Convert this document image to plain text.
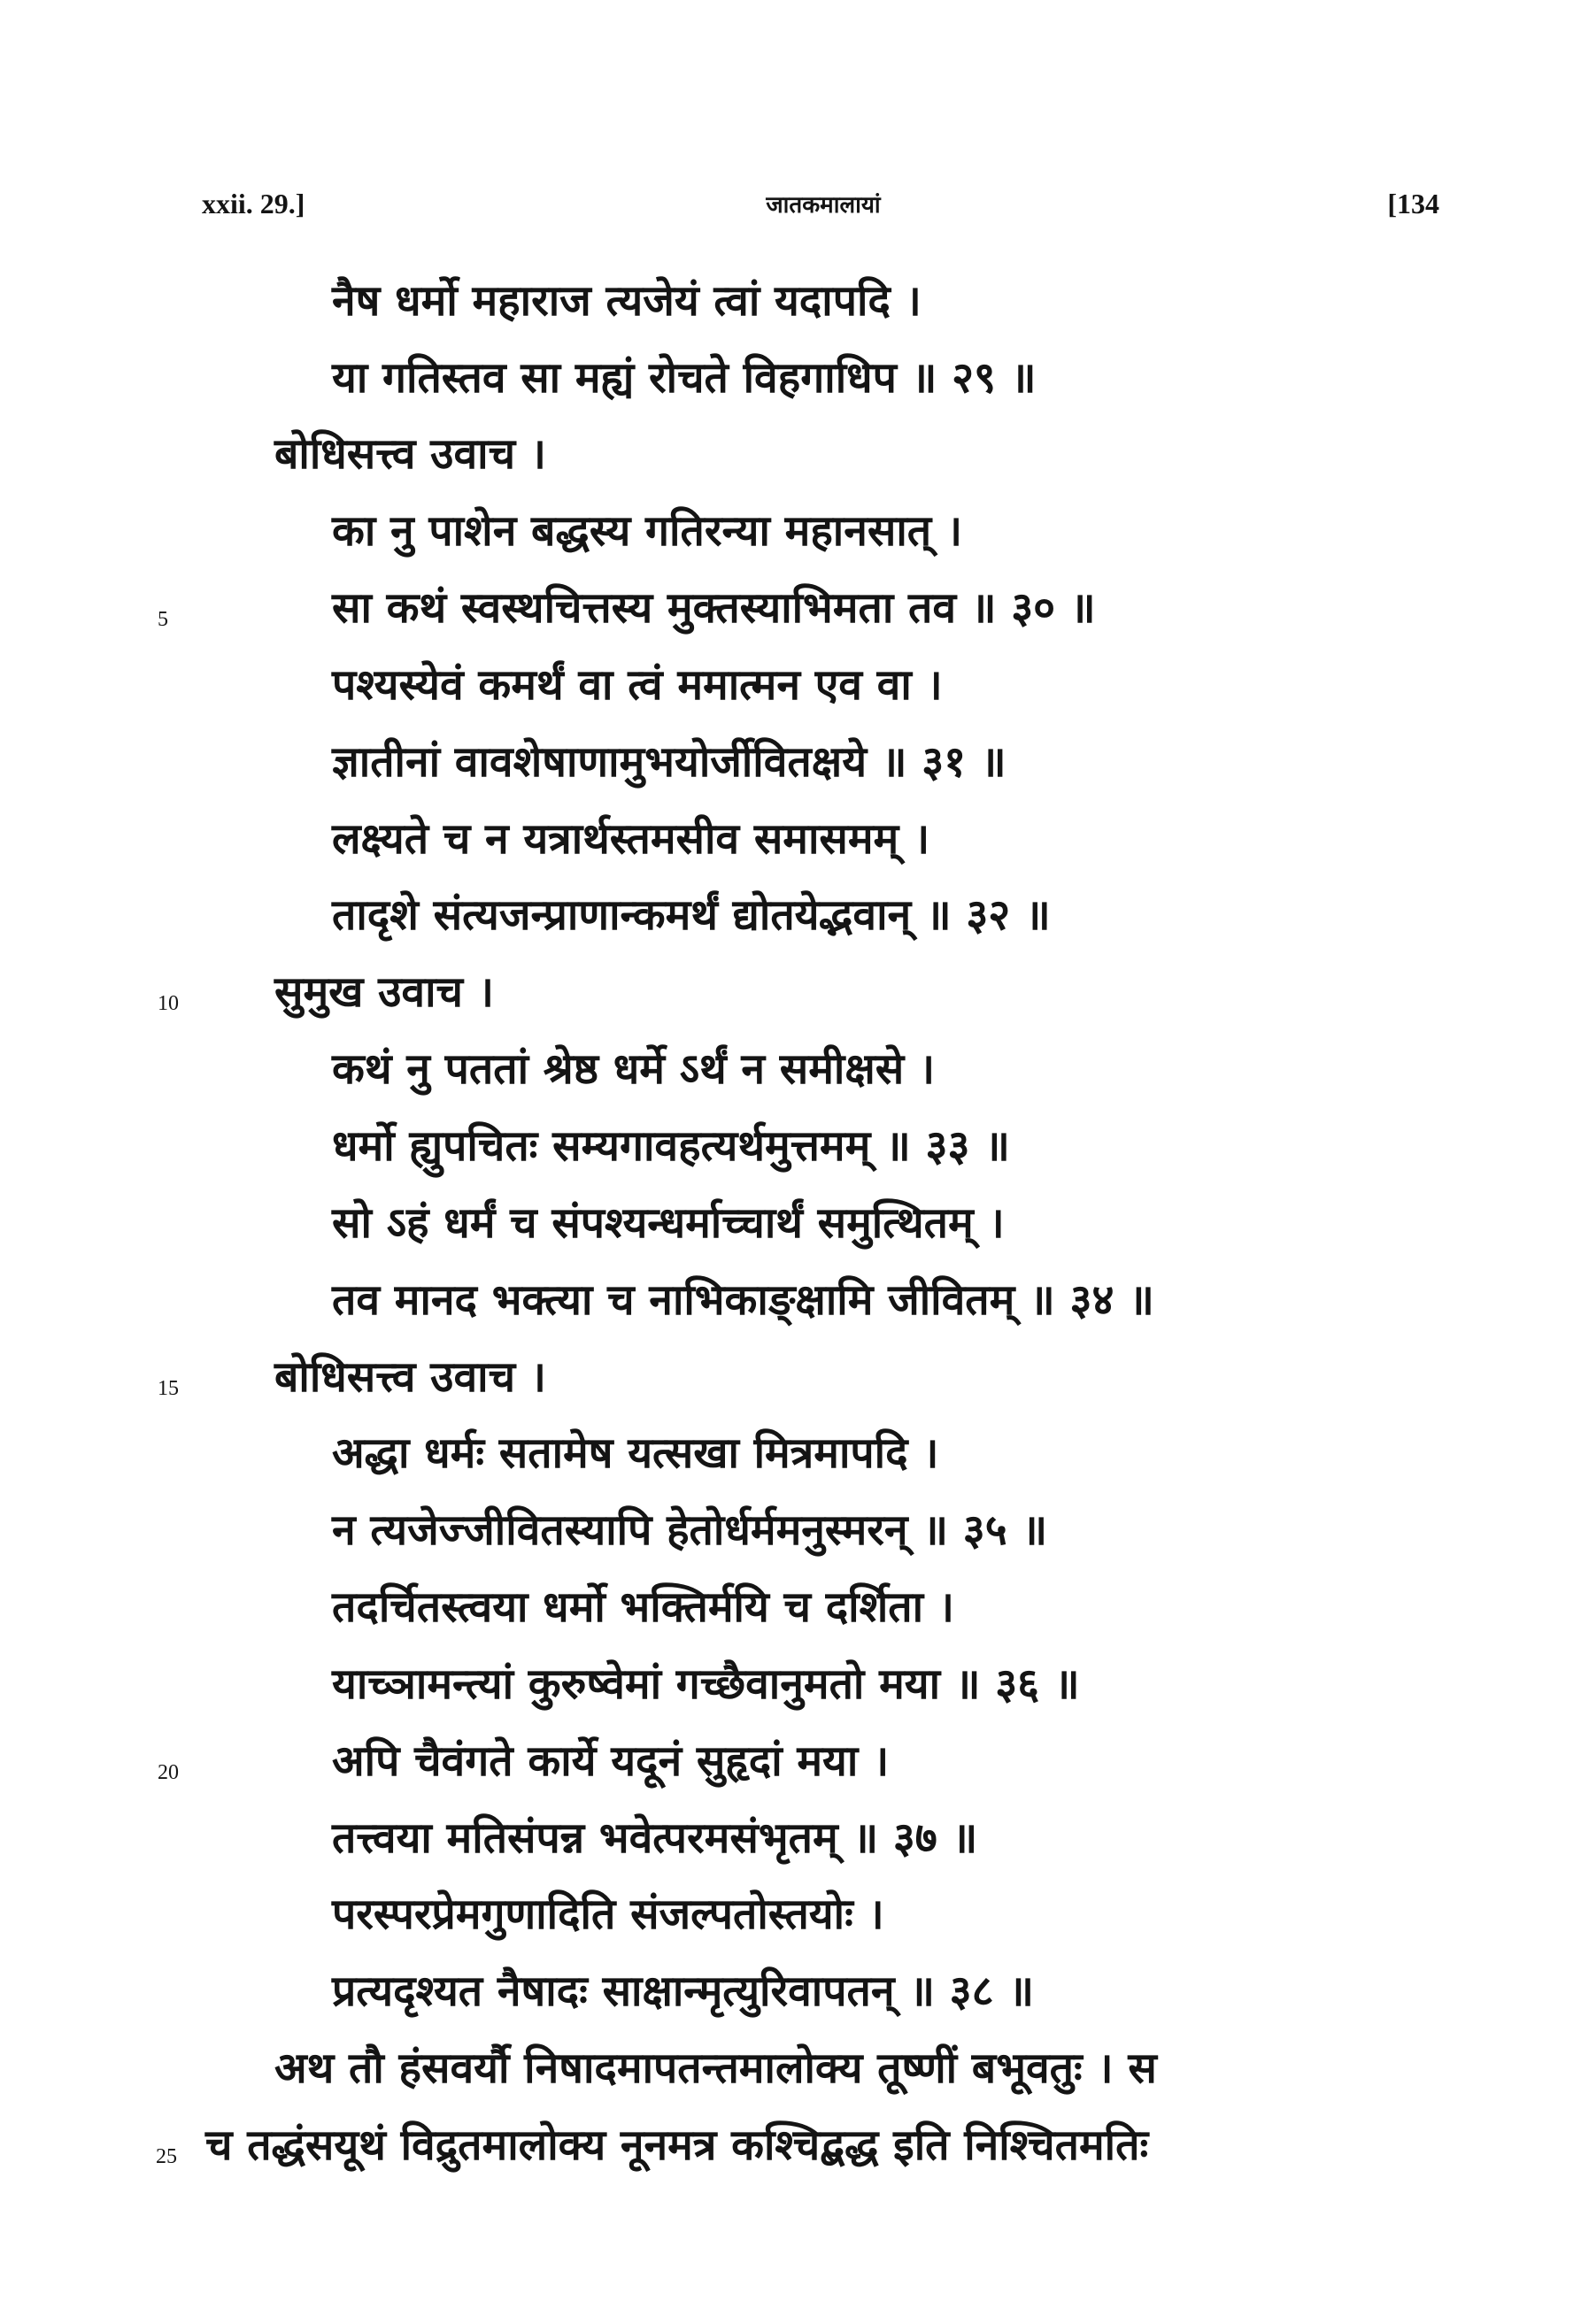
xxii. 29.]	जातकमालायां	[134
नैष धर्मो महाराज त्यजेयं त्वां यदापदि ।
या गतिस्तव सा मह्यं रोचते विहगाधिप ॥ २९ ॥
बोधिसत्त्व उवाच ।
का नु पाशेन बद्धस्य गतिरन्या महानसात् ।
5	सा कथं स्वस्थचित्तस्य मुक्तस्याभिमता तव ॥ ३० ॥
पश्यस्येवं कमर्थं वा त्वं ममात्मन एव वा ।
ज्ञातीनां वावशेषाणामुभयोर्जीवितक्षये ॥ ३१ ॥
लक्ष्यते च न यत्रार्थस्तमसीव समासमम् ।
तादृशे संत्यजन्प्राणान्कमर्थं द्योतयेद्भवान् ॥ ३२ ॥
10 सुमुख उवाच ।
कथं नु पततां श्रेष्ठ धर्मे ऽर्थं न समीक्षसे ।
धर्मो ह्युपचितः सम्यगावहत्यर्थमुत्तमम् ॥ ३३ ॥
सो ऽहं धर्मं च संपश्यन्धर्माच्चार्थं समुत्थितम् ।
तव मानद भक्त्या च नाभिकाङ्क्षामि जीवितम् ॥ ३४ ॥
15 बोधिसत्त्व उवाच ।
अद्धा धर्मः सतामेष यत्सखा मित्रमापदि ।
न त्यजेज्जीवितस्यापि हेतोर्धर्ममनुस्मरन् ॥ ३५ ॥
तदर्चितस्त्वया धर्मो भक्तिर्मयि च दर्शिता ।
याच्ञामन्त्यां कुरुष्वेमां गच्छैवानुमतो मया ॥ ३६ ॥
20	अपि चैवंगते कार्ये यदूनं सुहृदां मया ।
तत्त्वया मतिसंपन्न भवेत्परमसंभृतम् ॥ ३७ ॥
परस्परप्रेमगुणादिति संजल्पतोस्तयोः ।
प्रत्यदृश्यत नैषादः साक्षान्मृत्युरिवापतन् ॥ ३८ ॥
अथ तौ हंसवर्यौ निषादमापतन्तमालोक्य तूष्णीं बभूवतुः । स
25 च तद्धंसयूथं विद्रुतमालोक्य नूनमत्र कश्चिद्बद्ध इति निश्चितमतिः
